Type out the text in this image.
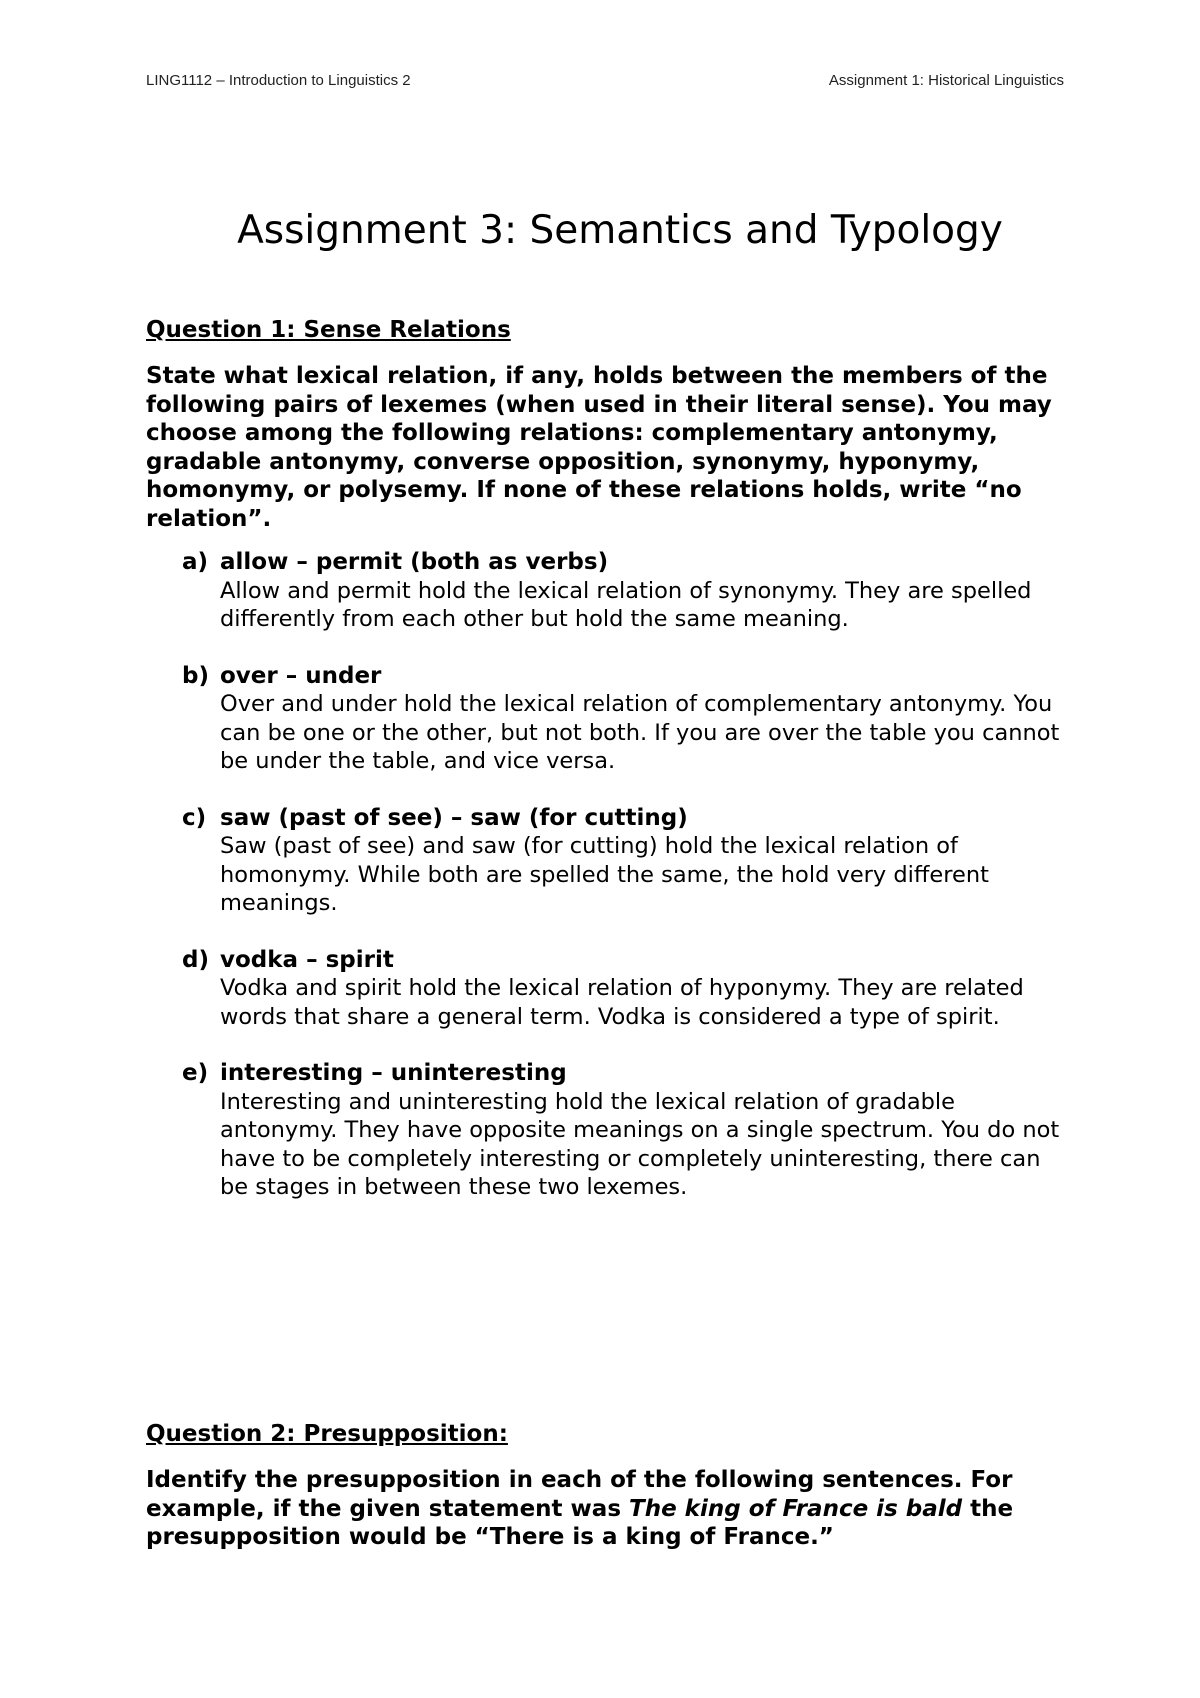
LING1112 – Introduction to Linguistics 2	Assignment 1: Historical Linguistics
Assignment 3: Semantics and Typology
Question 1: Sense Relations

State what lexical relation, if any, holds between the members of the following pairs of lexemes (when used in their literal sense). You may choose among the following relations: complementary antonymy, gradable antonymy, converse opposition, synonymy, hyponymy, homonymy, or polysemy. If none of these relations holds, write “no relation”.

a) allow – permit (both as verbs)
Allow and permit hold the lexical relation of synonymy. They are spelled differently from each other but hold the same meaning.
b) over – under
Over and under hold the lexical relation of complementary antonymy. You can be one or the other, but not both. If you are over the table you cannot be under the table, and vice versa.
c) saw (past of see) – saw (for cutting)
Saw (past of see) and saw (for cutting) hold the lexical relation of homonymy. While both are spelled the same, the hold very different meanings.
d) vodka – spirit
Vodka and spirit hold the lexical relation of hyponymy. They are related words that share a general term. Vodka is considered a type of spirit.
e) interesting – uninteresting
Interesting and uninteresting hold the lexical relation of gradable antonymy. They have opposite meanings on a single spectrum. You do not have to be completely interesting or completely uninteresting, there can be stages in between these two lexemes.
Question 2: Presupposition:

Identify the presupposition in each of the following sentences. For example, if the given statement was The king of France is bald the presupposition would be “There is a king of France.”
